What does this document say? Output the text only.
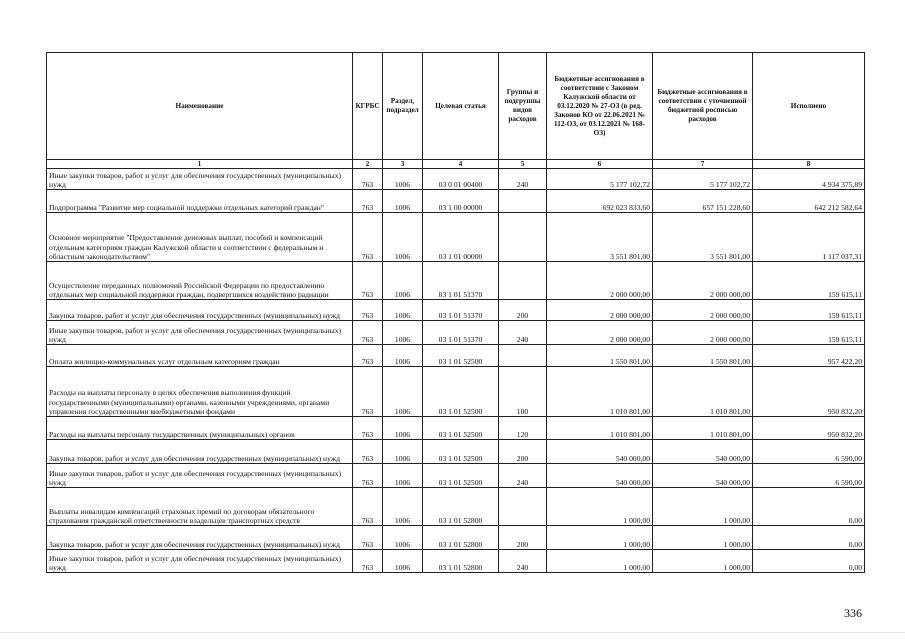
Наименование	КГРБС	Раздел, подраздел	Целевая статья	Группы и подгруппы видов расходов	Бюджетные ассигнования в соответствии с Законом Калужской области от 03.12.2020 № 27-ОЗ (в ред. Законов КО от 22.06.2021 № 112-ОЗ, от 03.12.2021 № 168-ОЗ)	Бюджетные ассигнования в соответствии с уточненной бюджетной росписью расходов	Исполнено
1	2	3	4	5	6	7	8
Иные закупки товаров, работ и услуг для обеспечения государственных (муниципальных) нужд	763	1006	03 0 01 00400	240	5 177 102,72	5 177 102,72	4 934 375,89
Подпрограмма "Развитие мер социальной поддержки отдельных категорий граждан"	763	1006	03 1 00 00000		692 023 833,60	657 151 228,60	642 212 582,64
Основное мероприятие "Предоставление денежных выплат, пособий и компенсаций отдельным категориям граждан Калужской области в соответствии с федеральным и областным законодательством"	763	1006	03 1 01 00000		3 551 801,00	3 551 801,00	1 117 037,31
Осуществление переданных полномочий Российской Федерации по предоставлению отдельных мер социальной поддержки граждан, подвергшихся воздействию радиации	763	1006	03 1 01 51370		2 000 000,00	2 000 000,00	159 615,11
Закупка товаров, работ и услуг для обеспечения государственных (муниципальных) нужд	763	1006	03 1 01 51370	200	2 000 000,00	2 000 000,00	159 615,11
Иные закупки товаров, работ и услуг для обеспечения государственных (муниципальных) нужд	763	1006	03 1 01 51370	240	2 000 000,00	2 000 000,00	159 615,11
Оплата жилищно-коммунальных услуг отдельным категориям граждан	763	1006	03 1 01 52500		1 550 801,00	1 550 801,00	957 422,20
Расходы на выплаты персоналу в целях обеспечения выполнения функций государственными (муниципальными) органами, казенными учреждениями, органами управления государственными внебюджетными фондами	763	1006	03 1 01 52500	100	1 010 801,00	1 010 801,00	950 832,20
Расходы на выплаты персоналу государственных (муниципальных) органов	763	1006	03 1 01 52500	120	1 010 801,00	1 010 801,00	950 832,20
Закупка товаров, работ и услуг для обеспечения государственных (муниципальных) нужд	763	1006	03 1 01 52500	200	540 000,00	540 000,00	6 590,00
Иные закупки товаров, работ и услуг для обеспечения государственных (муниципальных) нужд	763	1006	03 1 01 52500	240	540 000,00	540 000,00	6 590,00
Выплаты инвалидам компенсаций страховых премий по договорам обязательного страхования гражданской ответственности владельцев транспортных средств	763	1006	03 1 01 52800		1 000,00	1 000,00	0,00
Закупка товаров, работ и услуг для обеспечения государственных (муниципальных) нужд	763	1006	03 1 01 52800	200	1 000,00	1 000,00	0,00
Иные закупки товаров, работ и услуг для обеспечения государственных (муниципальных) нужд	763	1006	03 1 01 52800	240	1 000,00	1 000,00	0,00
336
